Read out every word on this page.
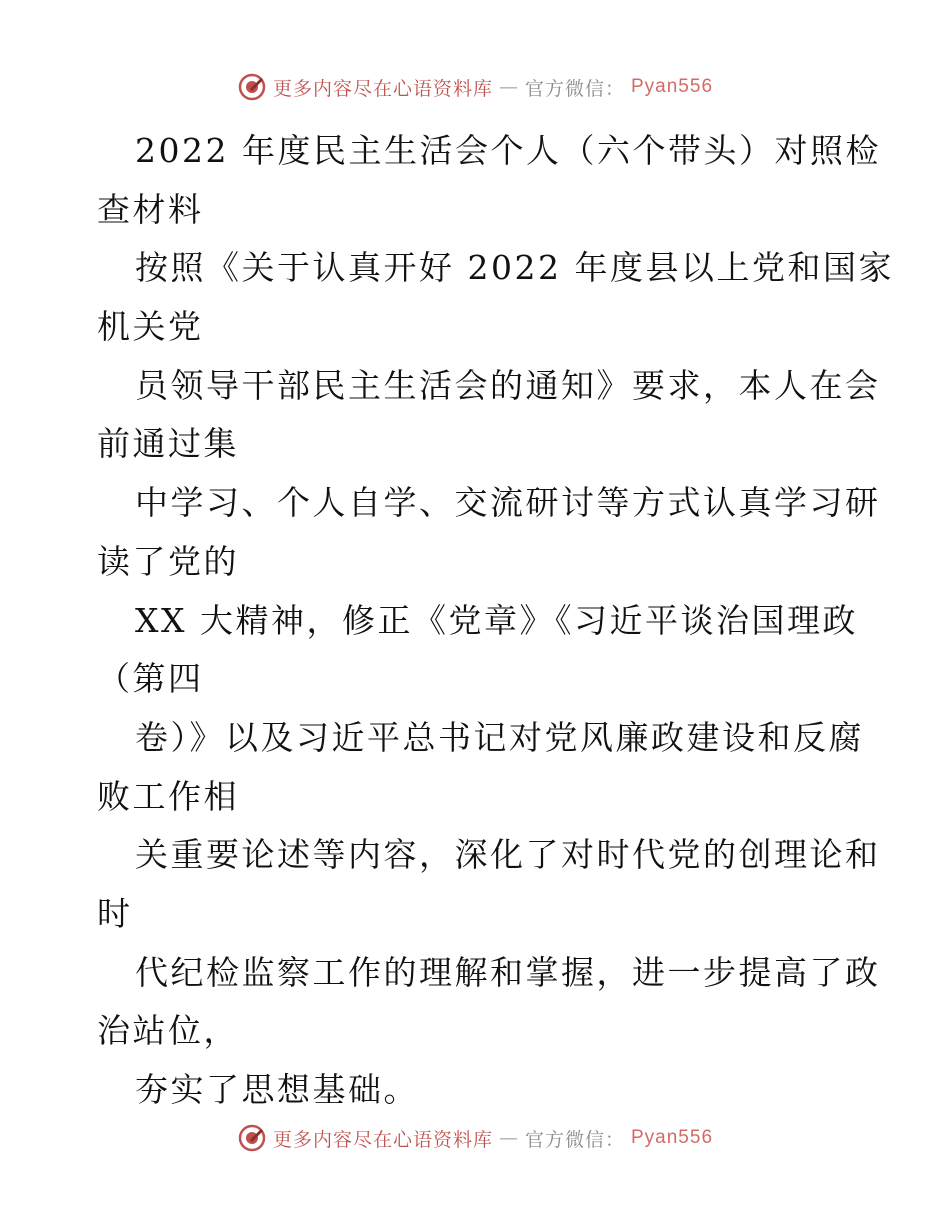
更多内容尽在心语资料库 — 官方微信： Pyan556
2022 年度民主生活会个人（六个带头）对照检
查材料
按照《关于认真开好 2022 年度县以上党和国家
机关党
员领导干部民主生活会的通知》要求，本人在会
前通过集
中学习、个人自学、交流研讨等方式认真学习研
读了党的
XX 大精神，修正《党章》《习近平谈治国理政
（第四
卷）》以及习近平总书记对党风廉政建设和反腐
败工作相
关重要论述等内容，深化了对时代党的创理论和
时
代纪检监察工作的理解和掌握，进一步提高了政
治站位，
夯实了思想基础。
更多内容尽在心语资料库 — 官方微信： Pyan556
